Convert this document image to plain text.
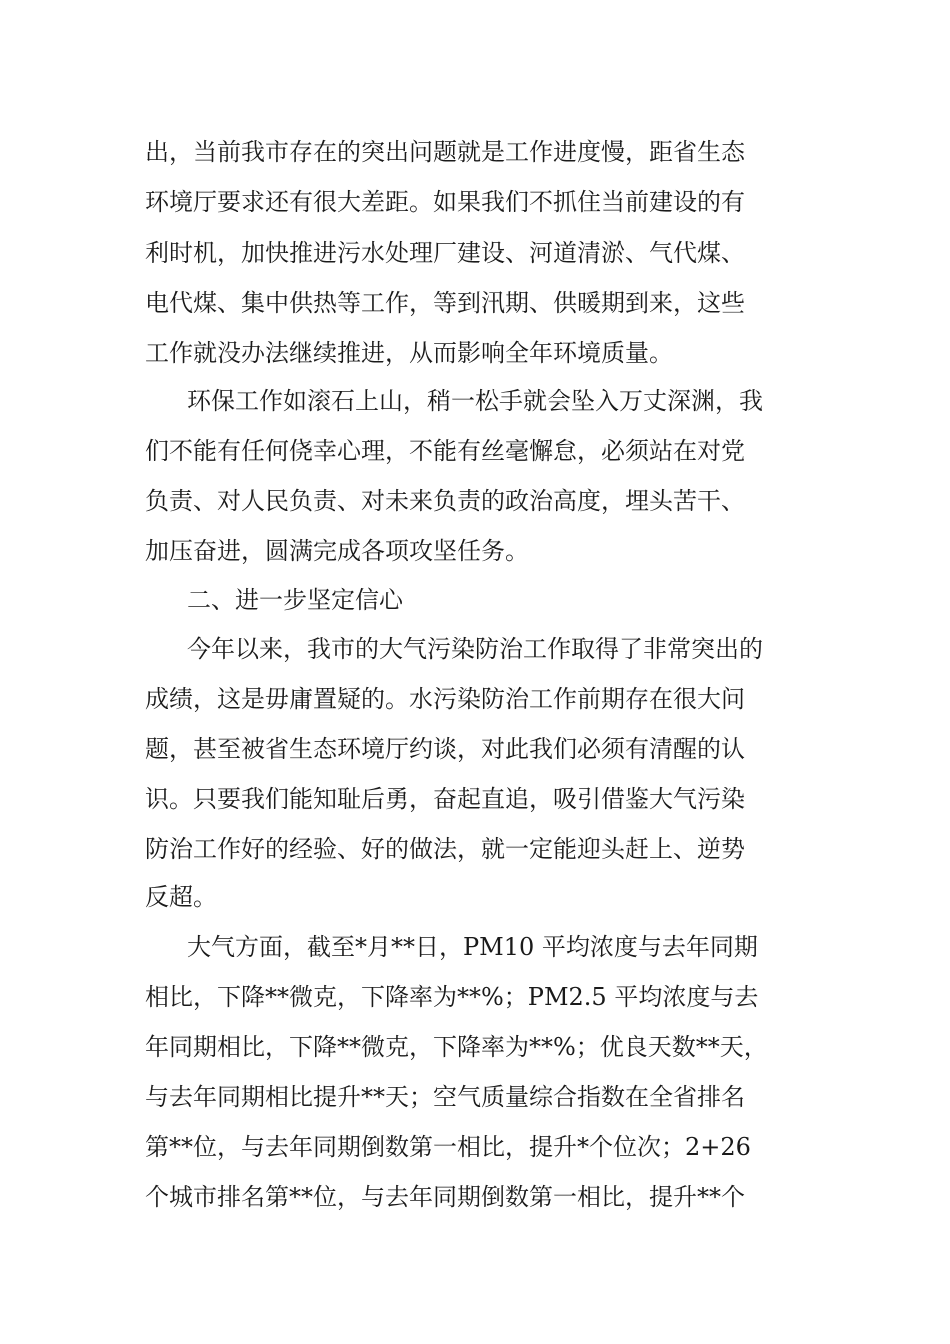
出，当前我市存在的突出问题就是工作进度慢，距省生态
环境厅要求还有很大差距。如果我们不抓住当前建设的有
利时机，加快推进污水处理厂建设、河道清淤、气代煤、
电代煤、集中供热等工作，等到汛期、供暖期到来，这些
工作就没办法继续推进，从而影响全年环境质量。
环保工作如滚石上山，稍一松手就会坠入万丈深渊，我
们不能有任何侥幸心理，不能有丝毫懈怠，必须站在对党
负责、对人民负责、对未来负责的政治高度，埋头苦干、
加压奋进，圆满完成各项攻坚任务。
二、进一步坚定信心
今年以来，我市的大气污染防治工作取得了非常突出的
成绩，这是毋庸置疑的。水污染防治工作前期存在很大问
题，甚至被省生态环境厅约谈，对此我们必须有清醒的认
识。只要我们能知耻后勇，奋起直追，吸引借鉴大气污染
防治工作好的经验、好的做法，就一定能迎头赶上、逆势
反超。
大气方面，截至*月**日，PM10 平均浓度与去年同期
相比，下降**微克，下降率为**%；PM2.5 平均浓度与去
年同期相比，下降**微克，下降率为**%；优良天数**天，
与去年同期相比提升**天；空气质量综合指数在全省排名
第**位，与去年同期倒数第一相比，提升*个位次；2+26
个城市排名第**位，与去年同期倒数第一相比，提升**个
